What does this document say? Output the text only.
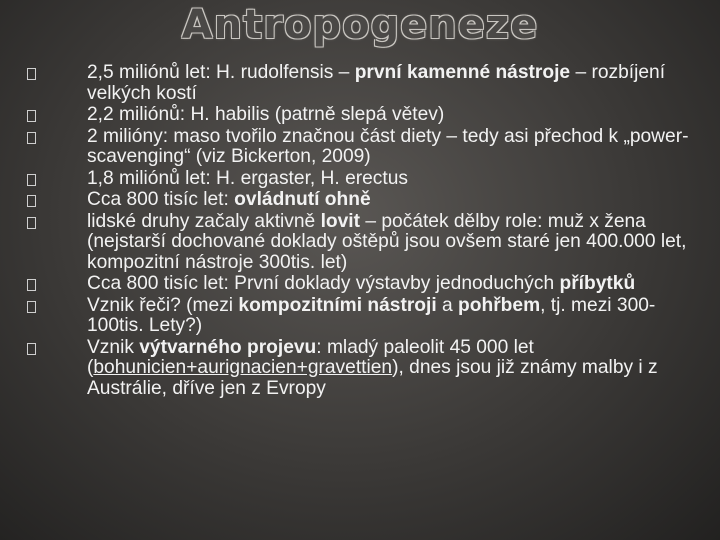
Antropogeneze
2,5 miliónů let: H. rudolfensis – první kamenné nástroje – rozbíjení velkých kostí
2,2 miliónů: H. habilis (patrně slepá větev)
2 milióny: maso tvořilo značnou část diety – tedy asi přechod k „power-scavenging“ (viz Bickerton, 2009)
1,8 miliónů let: H. ergaster, H. erectus
Cca 800 tisíc let: ovládnutí ohně
lidské druhy začaly aktivně lovit – počátek dělby role: muž x žena (nejstarší dochované doklady oštěpů jsou ovšem staré jen 400.000 let, kompozitní nástroje 300tis. let)
Cca 800 tisíc let: První doklady výstavby jednoduchých příbytků
Vznik řeči? (mezi kompozitními nástroji a pohřbem, tj. mezi 300-100tis. Lety?)
Vznik výtvarného projevu: mladý paleolit 45 000 let (bohunicien+aurignacien+gravettien), dnes jsou již známy malby i z Austrálie, dříve jen z Evropy
